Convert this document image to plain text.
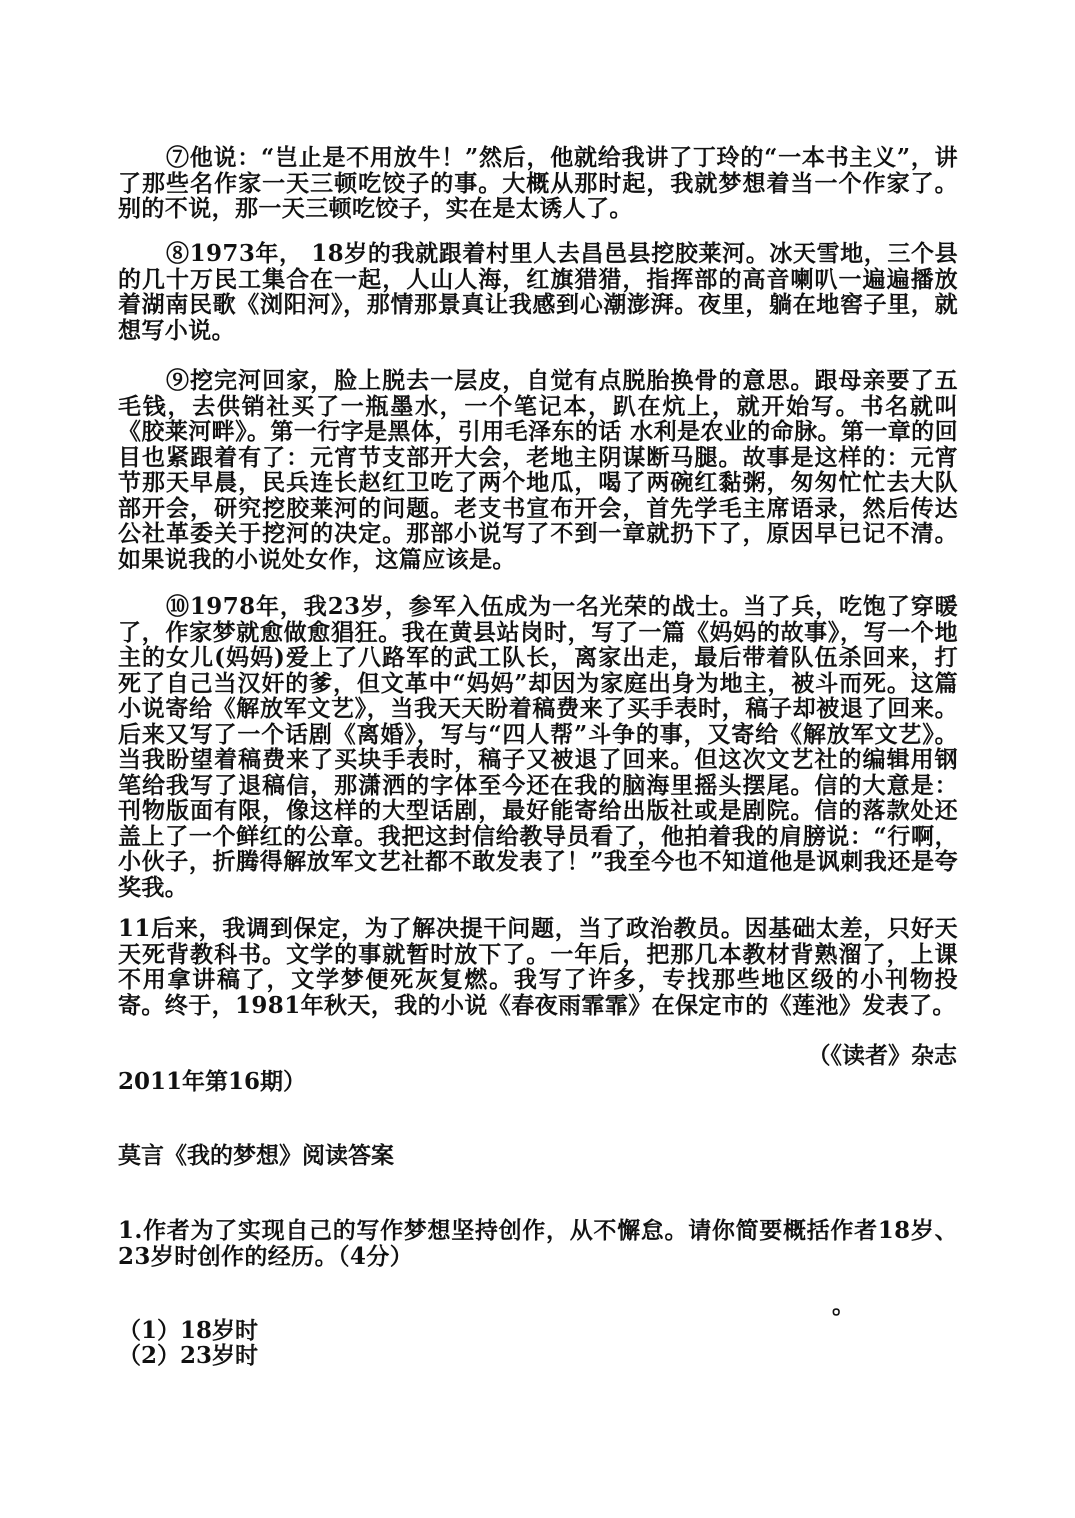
⑦他说：“岂止是不用放牛！”然后，他就给我讲了丁玲的“一本书主义”，讲了那些名作家一天三顿吃饺子的事。大概从那时起，我就梦想着当一个作家了。别的不说，那一天三顿吃饺子，实在是太诱人了。

⑧1973年， 18岁的我就跟着村里人去昌邑县挖胶莱河。冰天雪地，三个县的几十万民工集合在一起，人山人海，红旗猎猎，指挥部的高音喇叭一遍遍播放着湖南民歌《浏阳河》，那情那景真让我感到心潮澎湃。夜里，躺在地窖子里，就想写小说。

⑨挖完河回家，脸上脱去一层皮，自觉有点脱胎换骨的意思。跟母亲要了五毛钱，去供销社买了一瓶墨水，一个笔记本，趴在炕上，就开始写。书名就叫《胶莱河畔》。第一行字是黑体，引用毛泽东的话 水利是农业的命脉。第一章的回目也紧跟着有了：元宵节支部开大会，老地主阴谋断马腿。故事是这样的：元宵节那天早晨，民兵连长赵红卫吃了两个地瓜，喝了两碗红黏粥，匆匆忙忙去大队部开会，研究挖胶莱河的问题。老支书宣布开会，首先学毛主席语录，然后传达公社革委关于挖河的决定。那部小说写了不到一章就扔下了，原因早已记不清。如果说我的小说处女作，这篇应该是。

⑩1978年，我23岁，参军入伍成为一名光荣的战士。当了兵，吃饱了穿暖了，作家梦就愈做愈猖狂。我在黄县站岗时，写了一篇《妈妈的故事》，写一个地主的女儿(妈妈)爱上了八路军的武工队长，离家出走，最后带着队伍杀回来，打死了自己当汉奸的爹，但文革中“妈妈”却因为家庭出身为地主，被斗而死。这篇小说寄给《解放军文艺》，当我天天盼着稿费来了买手表时，稿子却被退了回来。后来又写了一个话剧《离婚》，写与“四人帮”斗争的事，又寄给《解放军文艺》。当我盼望着稿费来了买块手表时，稿子又被退了回来。但这次文艺社的编辑用钢笔给我写了退稿信，那潇洒的字体至今还在我的脑海里摇头摆尾。信的大意是：刊物版面有限，像这样的大型话剧，最好能寄给出版社或是剧院。信的落款处还盖上了一个鲜红的公章。我把这封信给教导员看了，他拍着我的肩膀说：“行啊，小伙子，折腾得解放军文艺社都不敢发表了！”我至今也不知道他是讽刺我还是夸奖我。

11后来，我调到保定，为了解决提干问题，当了政治教员。因基础太差，只好天天死背教科书。文学的事就暂时放下了。一年后，把那几本教材背熟溜了，上课不用拿讲稿了，文学梦便死灰复燃。我写了许多，专找那些地区级的小刊物投寄。终于，1981年秋天，我的小说《春夜雨霏霏》在保定市的《莲池》发表了。

（《读者》杂志
2011年第16期）
莫言《我的梦想》阅读答案

1.作者为了实现自己的写作梦想坚持创作，从不懈怠。请你简要概括作者18岁、23岁时创作的经历。（4分）

。
（1）18岁时
（2）23岁时
